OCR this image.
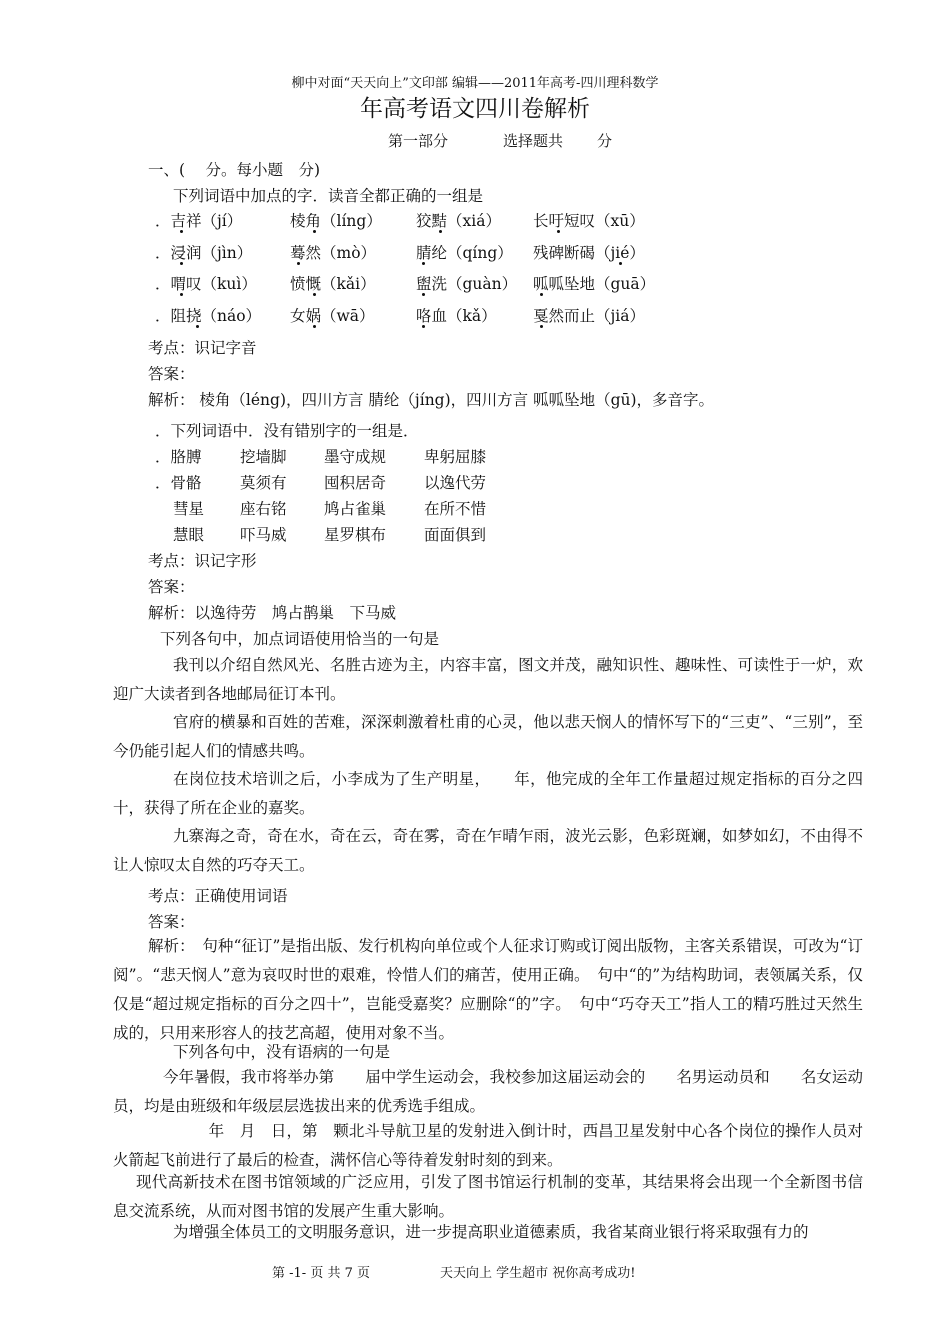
柳中对面“天天向上”文印部 编辑——2011年高考-四川理科数学
年高考语文四川卷解析
第一部分	选择题共 分
一、(　 分。每小题　分)
下列词语中加点的字．读音全都正确的一组是
．吉祥（jí）	棱角（líng） 狡黠（xiá） 长吁短叹（xū）
．浸润（jìn） 蓦然（mò）	腈纶（qíng） 残碑断碣（jié）
．喟叹（kuì） 愤慨（kǎi）	盥洗（guàn） 呱呱坠地（guā）
．阻挠（náo） 女娲（wā）	咯血（kǎ） 戛然而止（jiá）
考点：识记字音
答案：
解析： 棱角（léng)，四川方言 腈纶（jíng)，四川方言 呱呱坠地（gū)，多音字。
．下列词语中．没有错别字的一组是．
．胳膊 挖墙脚 墨守成规 卑躬屈膝
．骨骼 莫须有 囤积居奇 以逸代劳
彗星 座右铭 鸠占雀巢 在所不惜
慧眼 吓马威 星罗棋布 面面俱到
考点：识记字形
答案：
解析：以逸待劳　鸠占鹊巢　下马威
下列各句中，加点词语使用恰当的一句是
我刊以介绍自然风光、名胜古迹为主，内容丰富，图文并茂，融知识性、趣味性、可读性于一炉，欢迎广大读者到各地邮局征订本刊。
官府的横暴和百姓的苦难，深深刺激着杜甫的心灵，他以悲天悯人的情怀写下的“三吏”、“三别”，至今仍能引起人们的情感共鸣。
在岗位技术培训之后，小李成为了生产明星，　　年，他完成的全年工作量超过规定指标的百分之四十，获得了所在企业的嘉奖。
九寨海之奇，奇在水，奇在云，奇在雾，奇在乍晴乍雨，波光云影，色彩斑斓，如梦如幻，不由得不让人惊叹太自然的巧夺天工。
考点：正确使用词语
答案：
解析：　句种“征订”是指出版、发行机构向单位或个人征求订购或订阅出版物，主客关系错误，可改为“订阅”。“悲天悯人”意为哀叹时世的艰难，怜惜人们的痛苦，使用正确。　句中“的”为结构助词，表领属关系，仅仅是“超过规定指标的百分之四十”，岂能受嘉奖？应删除“的”字。　句中“巧夺天工”指人工的精巧胜过天然生成的，只用来形容人的技艺高超，使用对象不当。
下列各句中，没有语病的一句是
今年暑假，我市将举办第　　届中学生运动会，我校参加这届运动会的　　名男运动员和　　名女运动员，均是由班级和年级层层选拔出来的优秀选手组成。
　年　月　日，第　颗北斗导航卫星的发射进入倒计时，西昌卫星发射中心各个岗位的操作人员对火箭起飞前进行了最后的检查，满怀信心等待着发射时刻的到来。
现代高新技术在图书馆领域的广泛应用，引发了图书馆运行机制的变革，其结果将会出现一个全新图书信息交流系统，从而对图书馆的发展产生重大影响。
为增强全体员工的文明服务意识，进一步提高职业道德素质，我省某商业银行将采取强有力的
第 -1- 页 共 7 页	天天向上 学生超市 祝你高考成功!
